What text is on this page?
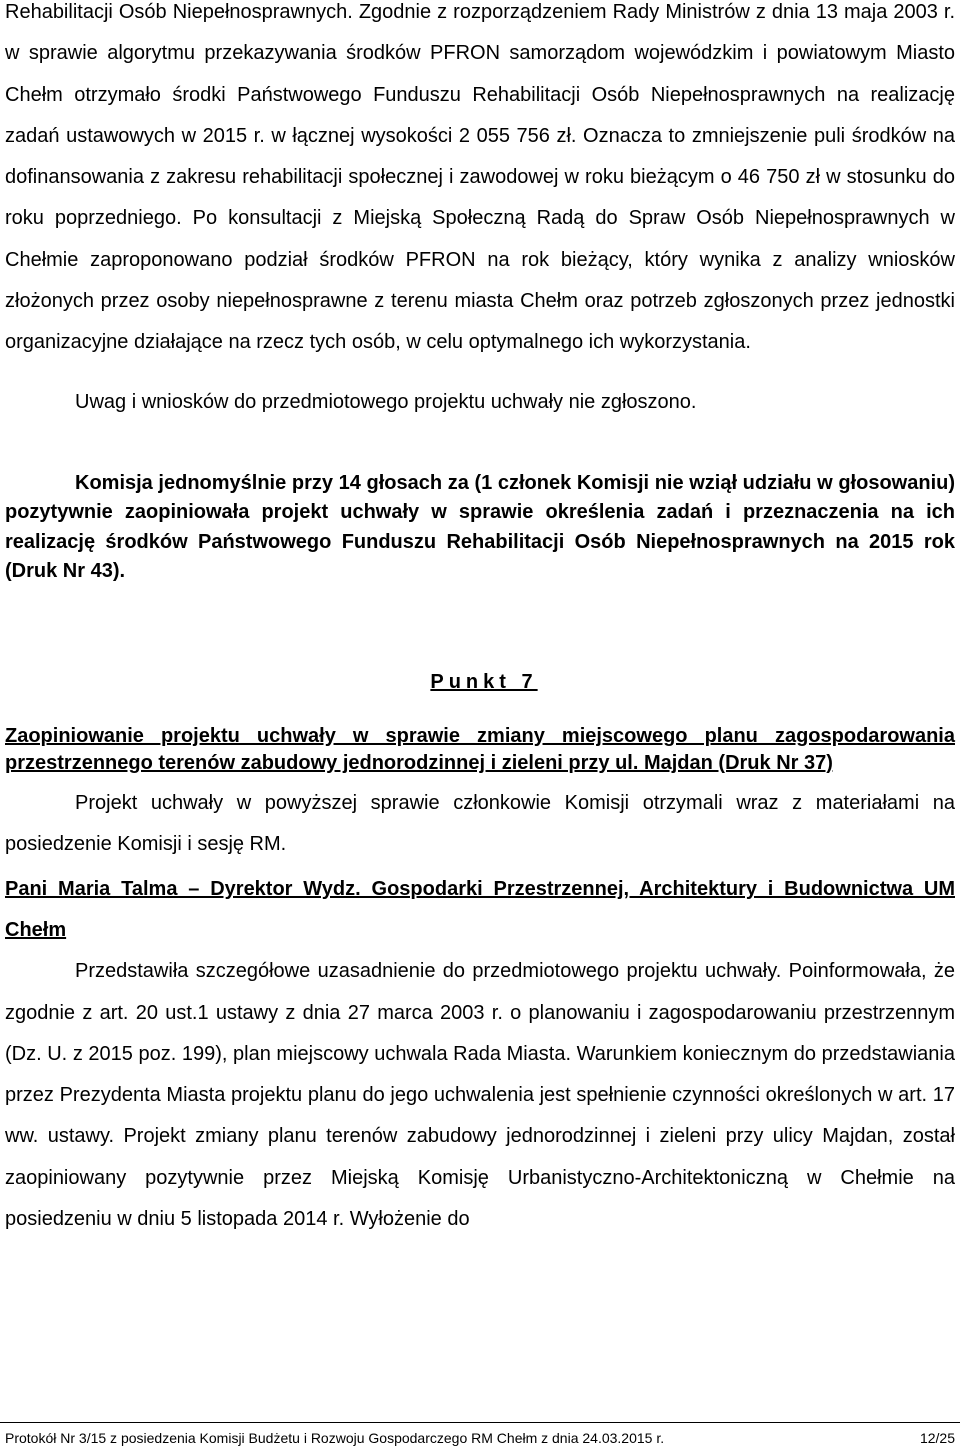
Rehabilitacji Osób Niepełnosprawnych. Zgodnie z rozporządzeniem Rady Ministrów z dnia 13 maja 2003 r. w sprawie algorytmu przekazywania środków PFRON samorządom wojewódzkim i powiatowym Miasto Chełm otrzymało środki Państwowego Funduszu Rehabilitacji Osób Niepełnosprawnych na realizację zadań ustawowych w 2015 r. w łącznej wysokości 2 055 756 zł. Oznacza to zmniejszenie puli środków na dofinansowania z zakresu rehabilitacji społecznej i zawodowej w roku bieżącym o 46 750 zł w stosunku do roku poprzedniego. Po konsultacji z Miejską Społeczną Radą do Spraw Osób Niepełnosprawnych w Chełmie zaproponowano podział środków PFRON na rok bieżący, który wynika z analizy wniosków złożonych przez osoby niepełnosprawne z terenu miasta Chełm oraz potrzeb zgłoszonych przez jednostki organizacyjne działające na rzecz tych osób, w celu optymalnego ich wykorzystania.

Uwag i wniosków do przedmiotowego projektu uchwały nie zgłoszono.

Komisja jednomyślnie przy 14 głosach za (1 członek Komisji nie wziął udziału w głosowaniu) pozytywnie zaopiniowała projekt uchwały w sprawie określenia zadań i przeznaczenia na ich realizację środków Państwowego Funduszu Rehabilitacji Osób Niepełnosprawnych na 2015 rok (Druk Nr 43).

Punkt 7

Zaopiniowanie projektu uchwały w sprawie zmiany miejscowego planu zagospodarowania przestrzennego terenów zabudowy jednorodzinnej i zieleni przy ul. Majdan (Druk Nr 37)

Projekt uchwały w powyższej sprawie członkowie Komisji otrzymali wraz z materiałami na posiedzenie Komisji i sesję RM.

Pani Maria Talma – Dyrektor Wydz. Gospodarki Przestrzennej, Architektury i Budownictwa UM Chełm

Przedstawiła szczegółowe uzasadnienie do przedmiotowego projektu uchwały. Poinformowała, że zgodnie z art. 20 ust.1 ustawy z dnia 27 marca 2003 r. o planowaniu i zagospodarowaniu przestrzennym (Dz. U. z 2015 poz. 199), plan miejscowy uchwala Rada Miasta. Warunkiem koniecznym do przedstawiania przez Prezydenta Miasta projektu planu do jego uchwalenia jest spełnienie czynności określonych w art. 17 ww. ustawy. Projekt zmiany planu terenów zabudowy jednorodzinnej i zieleni przy ulicy Majdan, został zaopiniowany pozytywnie przez Miejską Komisję Urbanistyczno-Architektoniczną w Chełmie na posiedzeniu w dniu 5 listopada 2014 r. Wyłożenie do

Protokół Nr 3/15 z posiedzenia Komisji Budżetu i Rozwoju Gospodarczego RM Chełm z dnia 24.03.2015 r.	12/25
